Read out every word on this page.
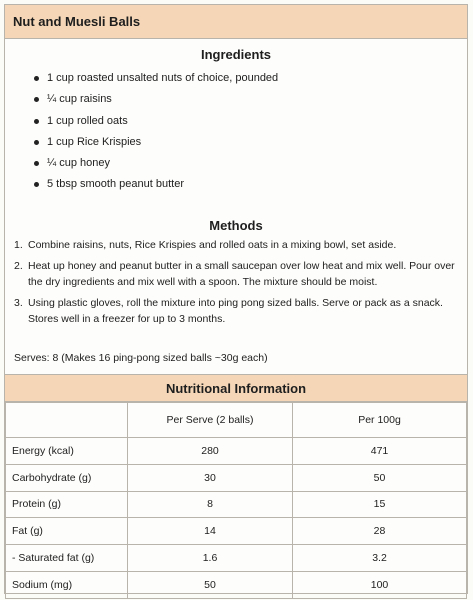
Nut and Muesli Balls
Ingredients
1 cup roasted unsalted nuts of choice, pounded
¼ cup raisins
1 cup rolled oats
1 cup Rice Krispies
¼ cup honey
5 tbsp smooth peanut butter
Methods
1. Combine raisins, nuts, Rice Krispies and rolled oats in a mixing bowl, set aside.
2. Heat up honey and peanut butter in a small saucepan over low heat and mix well. Pour over the dry ingredients and mix well with a spoon. The mixture should be moist.
3. Using plastic gloves, roll the mixture into ping pong sized balls. Serve or pack as a snack. Stores well in a freezer for up to 3 months.
Serves: 8 (Makes 16 ping-pong sized balls ~30g each)
Nutritional Information
	Per Serve (2 balls)	Per 100g
Energy (kcal)	280	471
Carbohydrate (g)	30	50
Protein (g)	8	15
Fat (g)	14	28
- Saturated fat (g)	1.6	3.2
Sodium (mg)	50	100
